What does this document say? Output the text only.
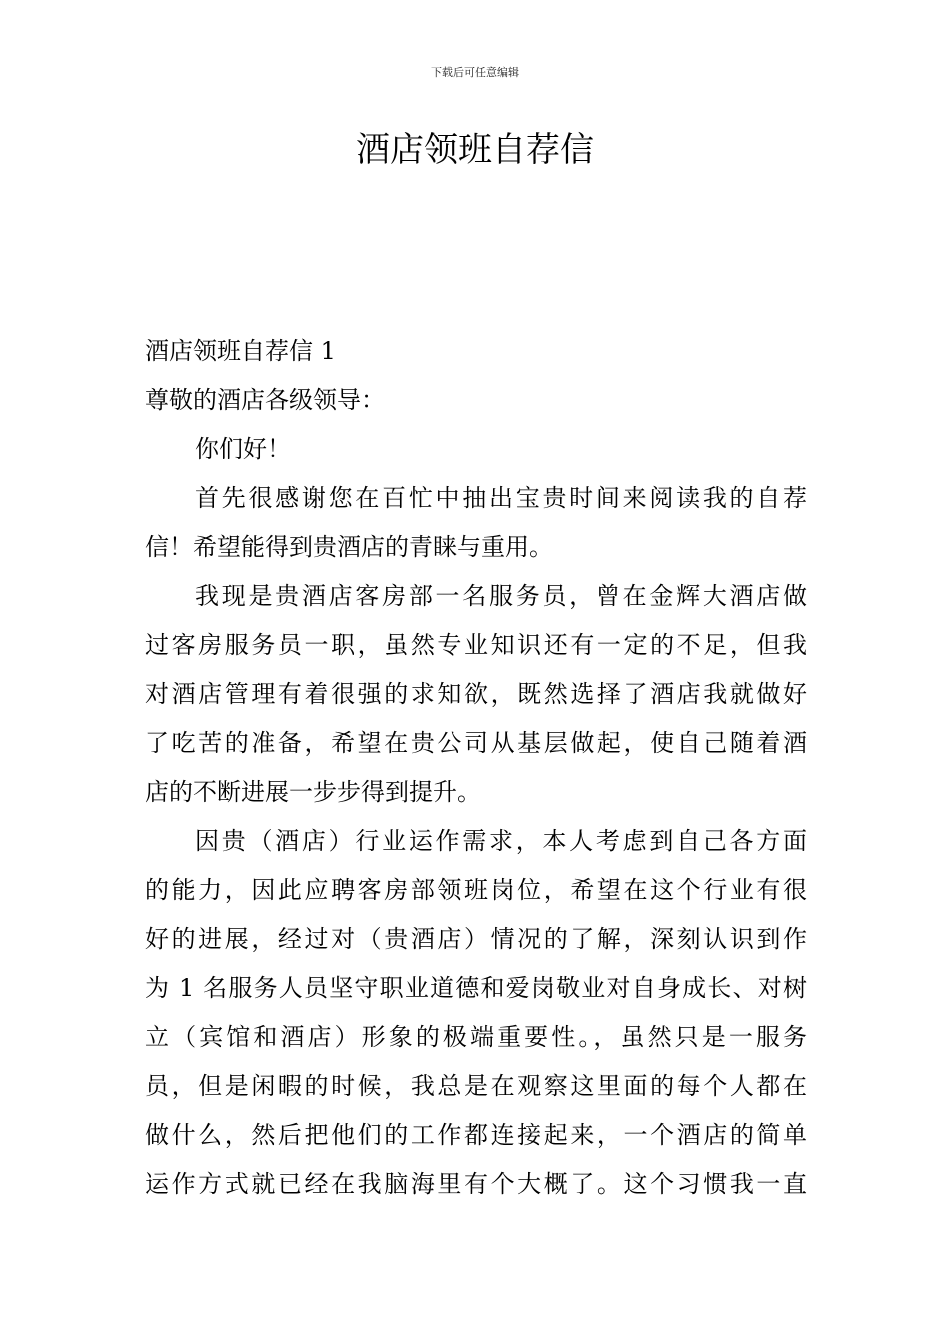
下载后可任意编辑
酒店领班自荐信
酒店领班自荐信 1
尊敬的酒店各级领导：
你们好！
首先很感谢您在百忙中抽出宝贵时间来阅读我的自荐
信！希望能得到贵酒店的青睐与重用。
我现是贵酒店客房部一名服务员，曾在金辉大酒店做
过客房服务员一职，虽然专业知识还有一定的不足，但我
对酒店管理有着很强的求知欲，既然选择了酒店我就做好
了吃苦的准备，希望在贵公司从基层做起，使自己随着酒
店的不断进展一步步得到提升。
因贵（酒店）行业运作需求，本人考虑到自己各方面
的能力，因此应聘客房部领班岗位，希望在这个行业有很
好的进展，经过对（贵酒店）情况的了解，深刻认识到作
为 1 名服务人员坚守职业道德和爱岗敬业对自身成长、对树
立（宾馆和酒店）形象的极端重要性。，虽然只是一服务
员，但是闲暇的时候，我总是在观察这里面的每个人都在
做什么，然后把他们的工作都连接起来，一个酒店的简单
运作方式就已经在我脑海里有个大概了。这个习惯我一直
